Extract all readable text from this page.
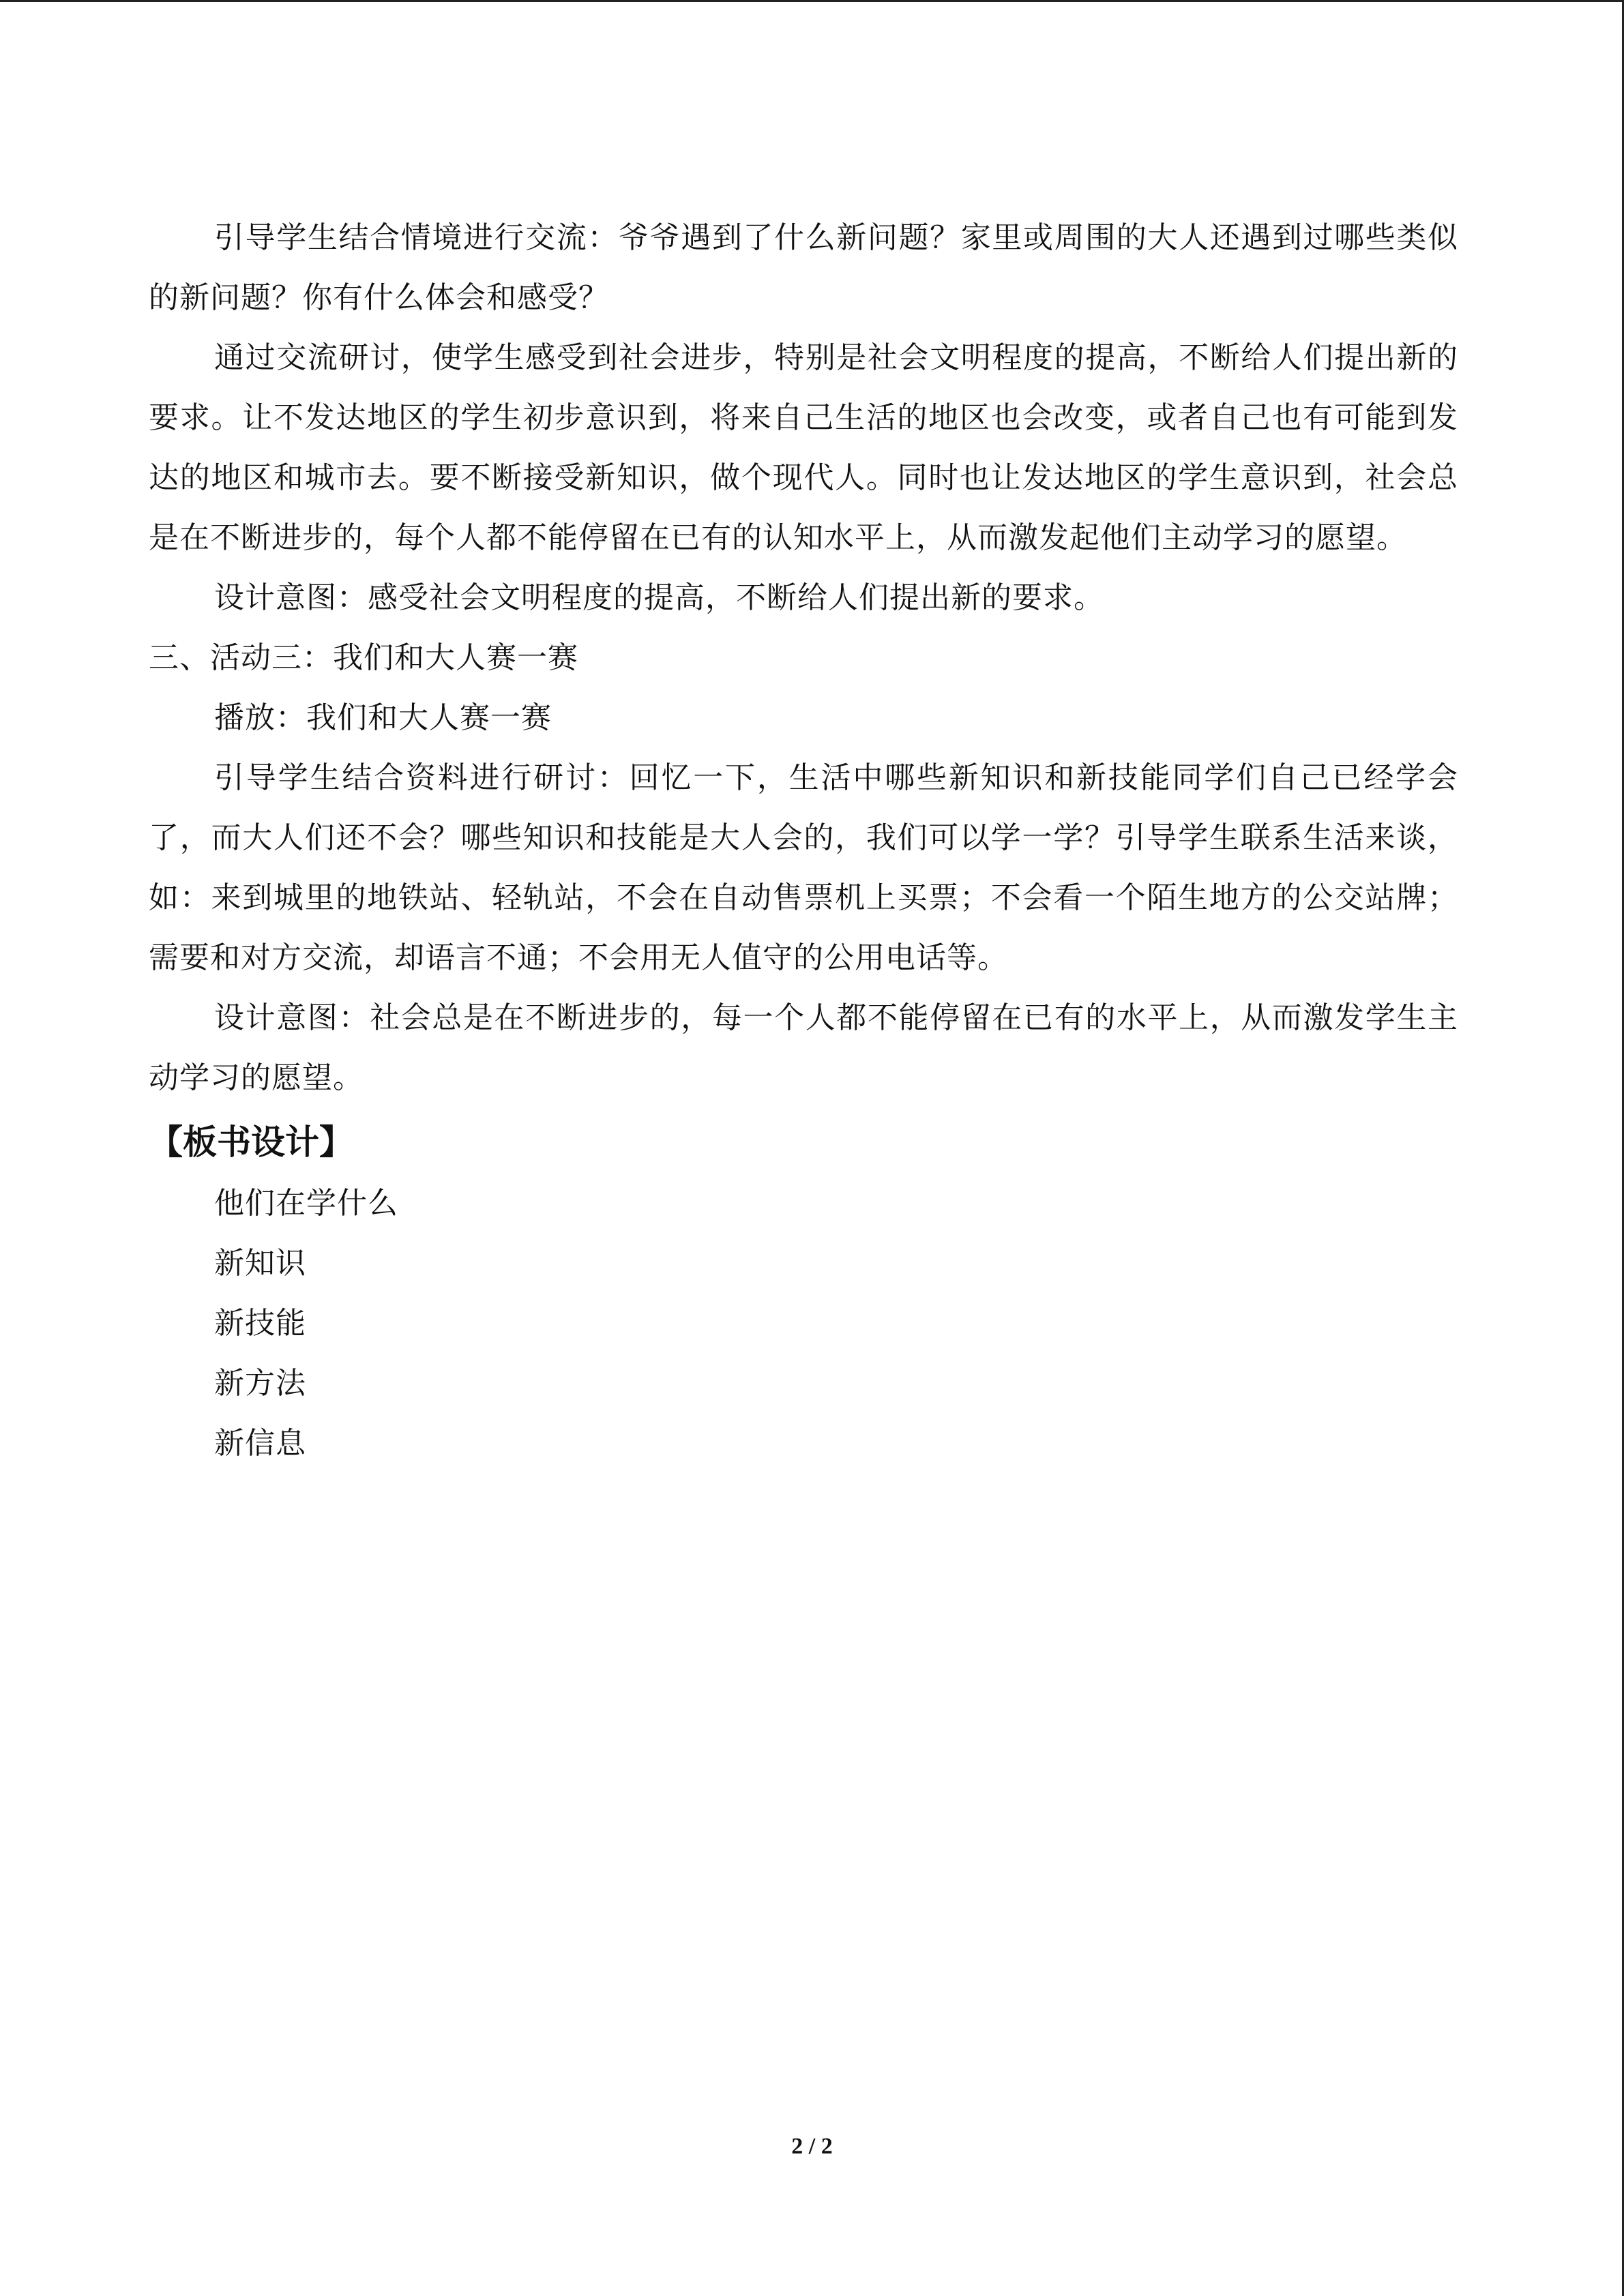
引导学生结合情境进行交流：爷爷遇到了什么新问题？家里或周围的大人还遇到过哪些类似的新问题？你有什么体会和感受？

通过交流研讨，使学生感受到社会进步，特别是社会文明程度的提高，不断给人们提出新的要求。让不发达地区的学生初步意识到，将来自己生活的地区也会改变，或者自己也有可能到发达的地区和城市去。要不断接受新知识，做个现代人。同时也让发达地区的学生意识到，社会总是在不断进步的，每个人都不能停留在已有的认知水平上，从而激发起他们主动学习的愿望。

设计意图：感受社会文明程度的提高，不断给人们提出新的要求。

三、活动三：我们和大人赛一赛

播放：我们和大人赛一赛

引导学生结合资料进行研讨：回忆一下，生活中哪些新知识和新技能同学们自己已经学会了，而大人们还不会？哪些知识和技能是大人会的，我们可以学一学？引导学生联系生活来谈，如：来到城里的地铁站、轻轨站，不会在自动售票机上买票；不会看一个陌生地方的公交站牌；需要和对方交流，却语言不通；不会用无人值守的公用电话等。

设计意图：社会总是在不断进步的，每一个人都不能停留在已有的水平上，从而激发学生主动学习的愿望。

【板书设计】

他们在学什么

新知识

新技能

新方法

新信息

2 / 2
